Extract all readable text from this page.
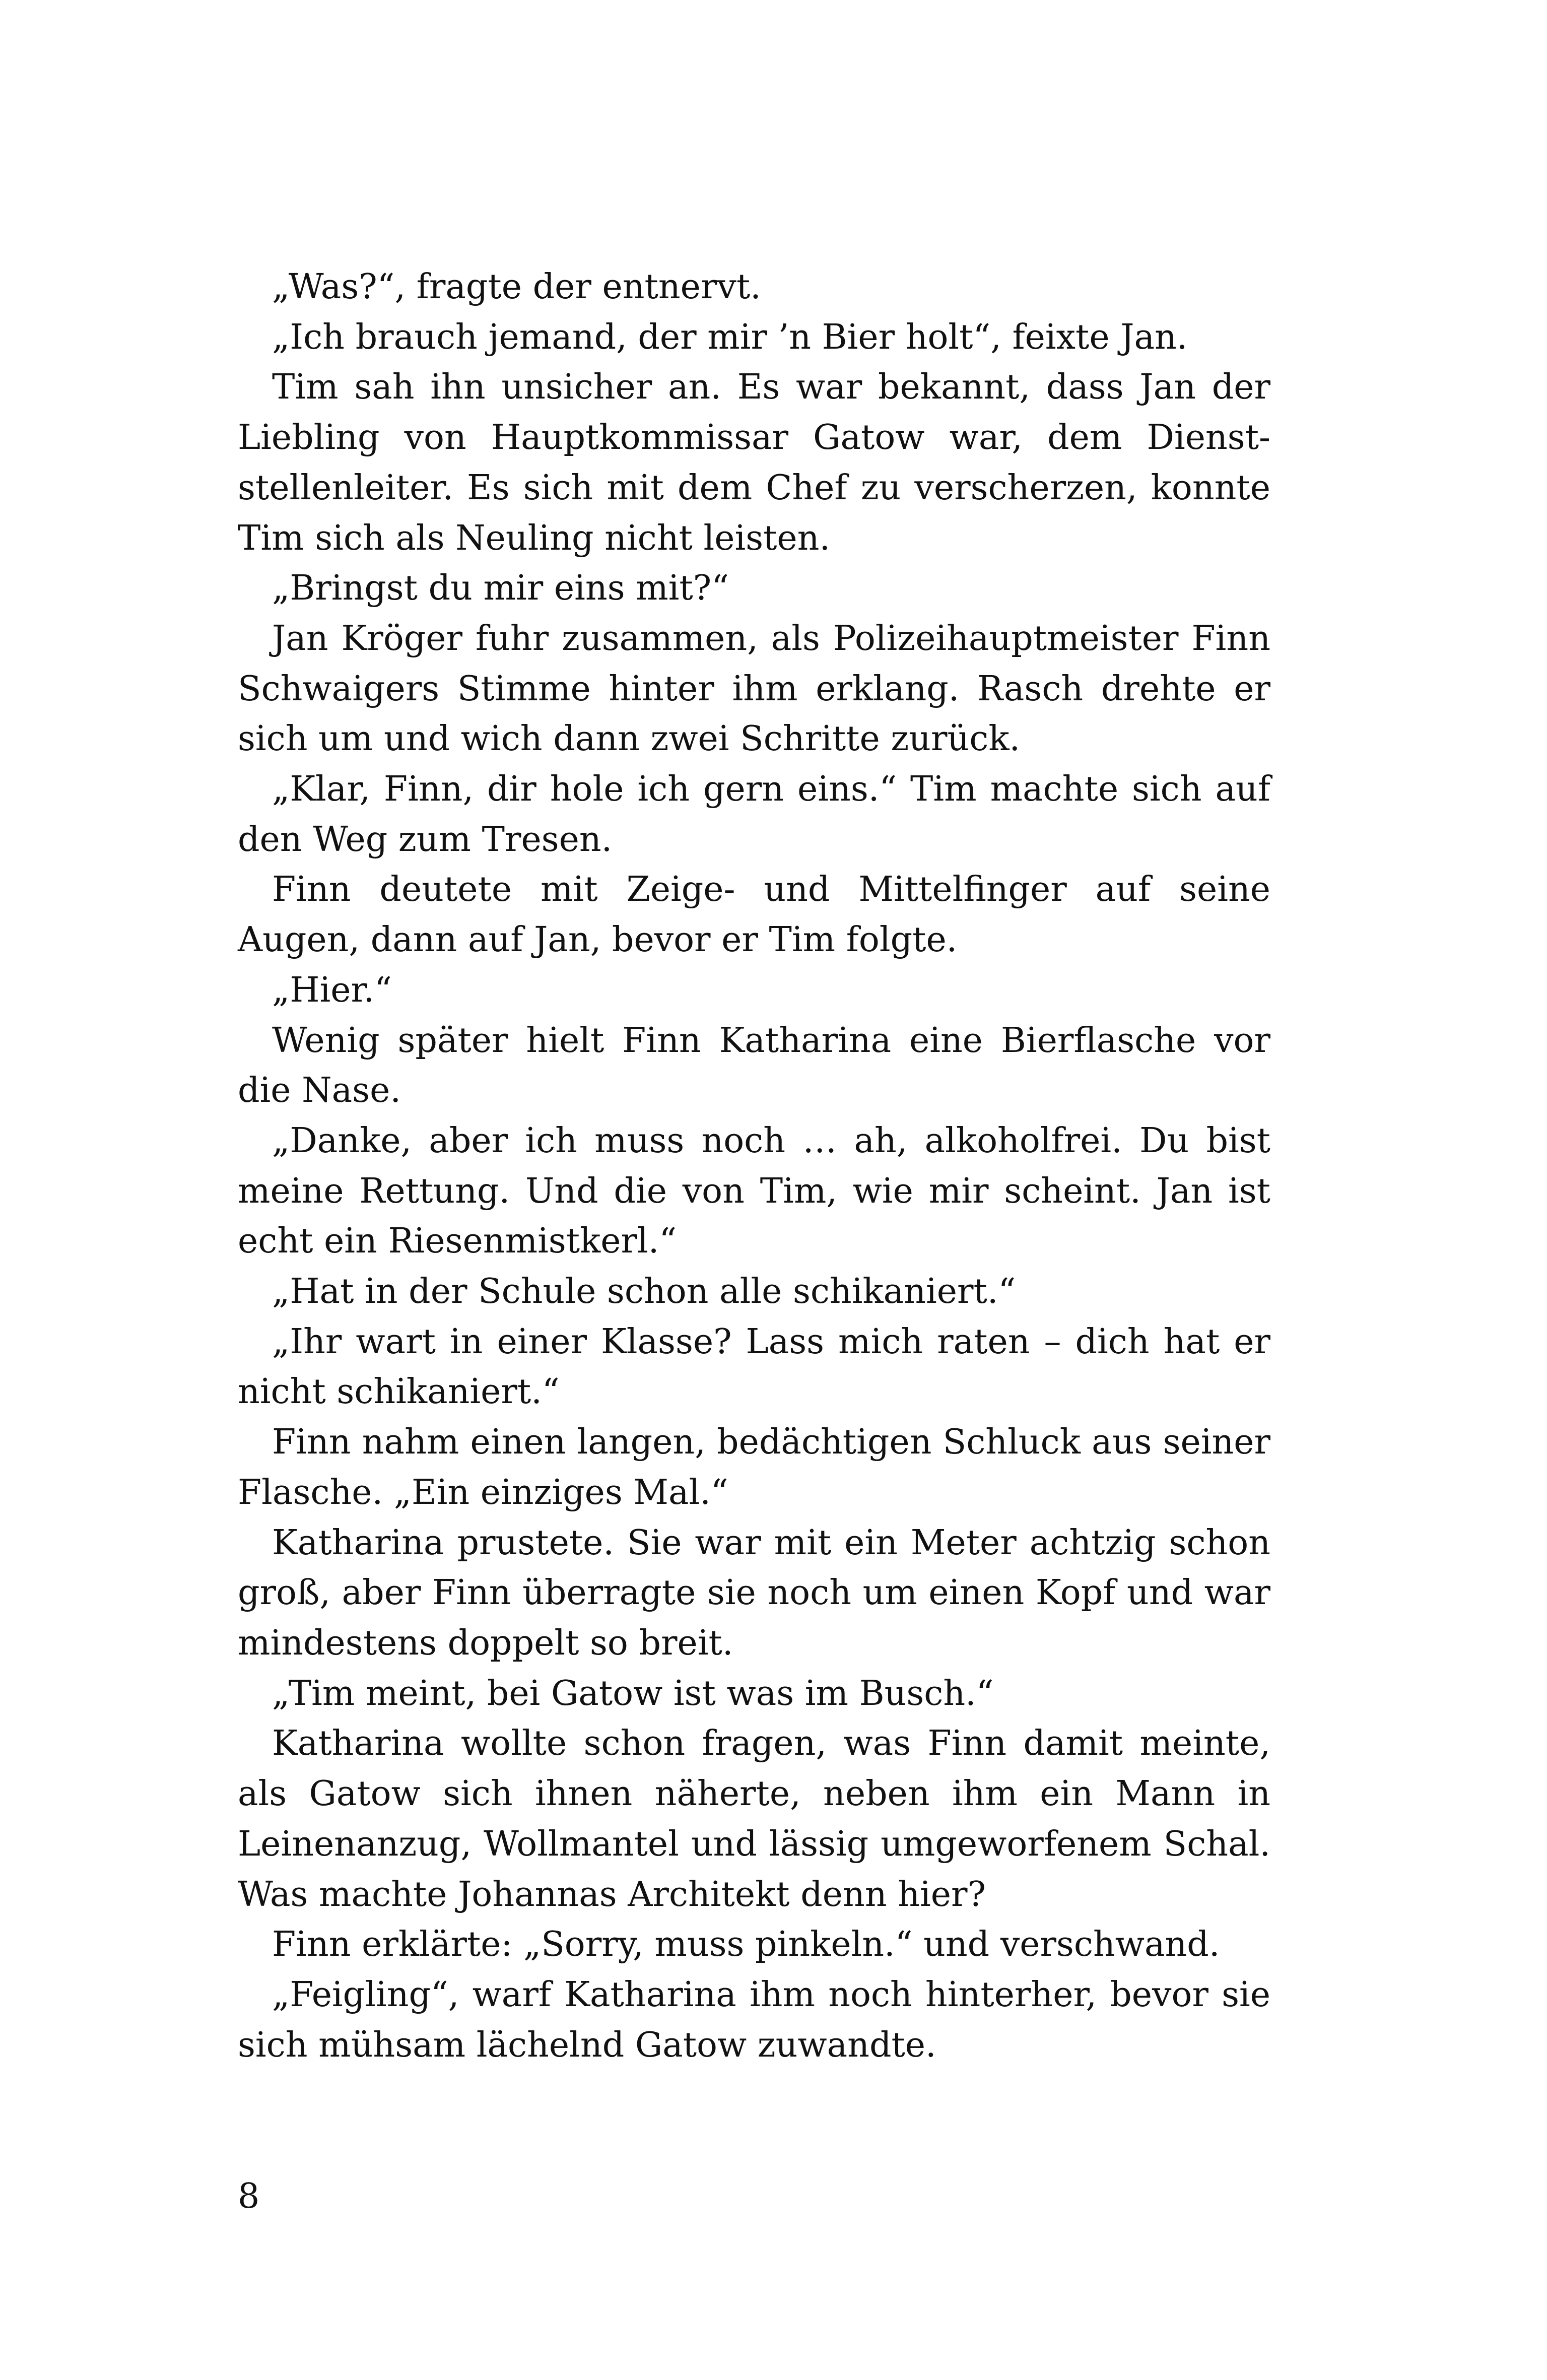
„Was?“, fragte der entnervt.

„Ich brauch jemand, der mir ’n Bier holt“, feixte Jan.

Tim sah ihn unsicher an. Es war bekannt, dass Jan der Liebling von Hauptkommissar Gatow war, dem Dienststellenleiter. Es sich mit dem Chef zu verscherzen, konnte Tim sich als Neuling nicht leisten.

„Bringst du mir eins mit?“

Jan Kröger fuhr zusammen, als Polizeihauptmeister Finn Schwaigers Stimme hinter ihm erklang. Rasch drehte er sich um und wich dann zwei Schritte zurück.

„Klar, Finn, dir hole ich gern eins.“ Tim machte sich auf den Weg zum Tresen.

Finn deutete mit Zeige- und Mittelfinger auf seine Augen, dann auf Jan, bevor er Tim folgte.

„Hier.“

Wenig später hielt Finn Katharina eine Bierflasche vor die Nase.

„Danke, aber ich muss noch … ah, alkoholfrei. Du bist meine Rettung. Und die von Tim, wie mir scheint. Jan ist echt ein Riesenmistkerl.“

„Hat in der Schule schon alle schikaniert.“

„Ihr wart in einer Klasse? Lass mich raten – dich hat er nicht schikaniert.“

Finn nahm einen langen, bedächtigen Schluck aus seiner Flasche. „Ein einziges Mal.“

Katharina prustete. Sie war mit ein Meter achtzig schon groß, aber Finn überragte sie noch um einen Kopf und war mindestens doppelt so breit.

„Tim meint, bei Gatow ist was im Busch.“

Katharina wollte schon fragen, was Finn damit meinte, als Gatow sich ihnen näherte, neben ihm ein Mann in Leinenanzug, Wollmantel und lässig umgeworfenem Schal. Was machte Johannas Architekt denn hier?

Finn erklärte: „Sorry, muss pinkeln.“ und verschwand.

„Feigling“, warf Katharina ihm noch hinterher, bevor sie sich mühsam lächelnd Gatow zuwandte.

8
